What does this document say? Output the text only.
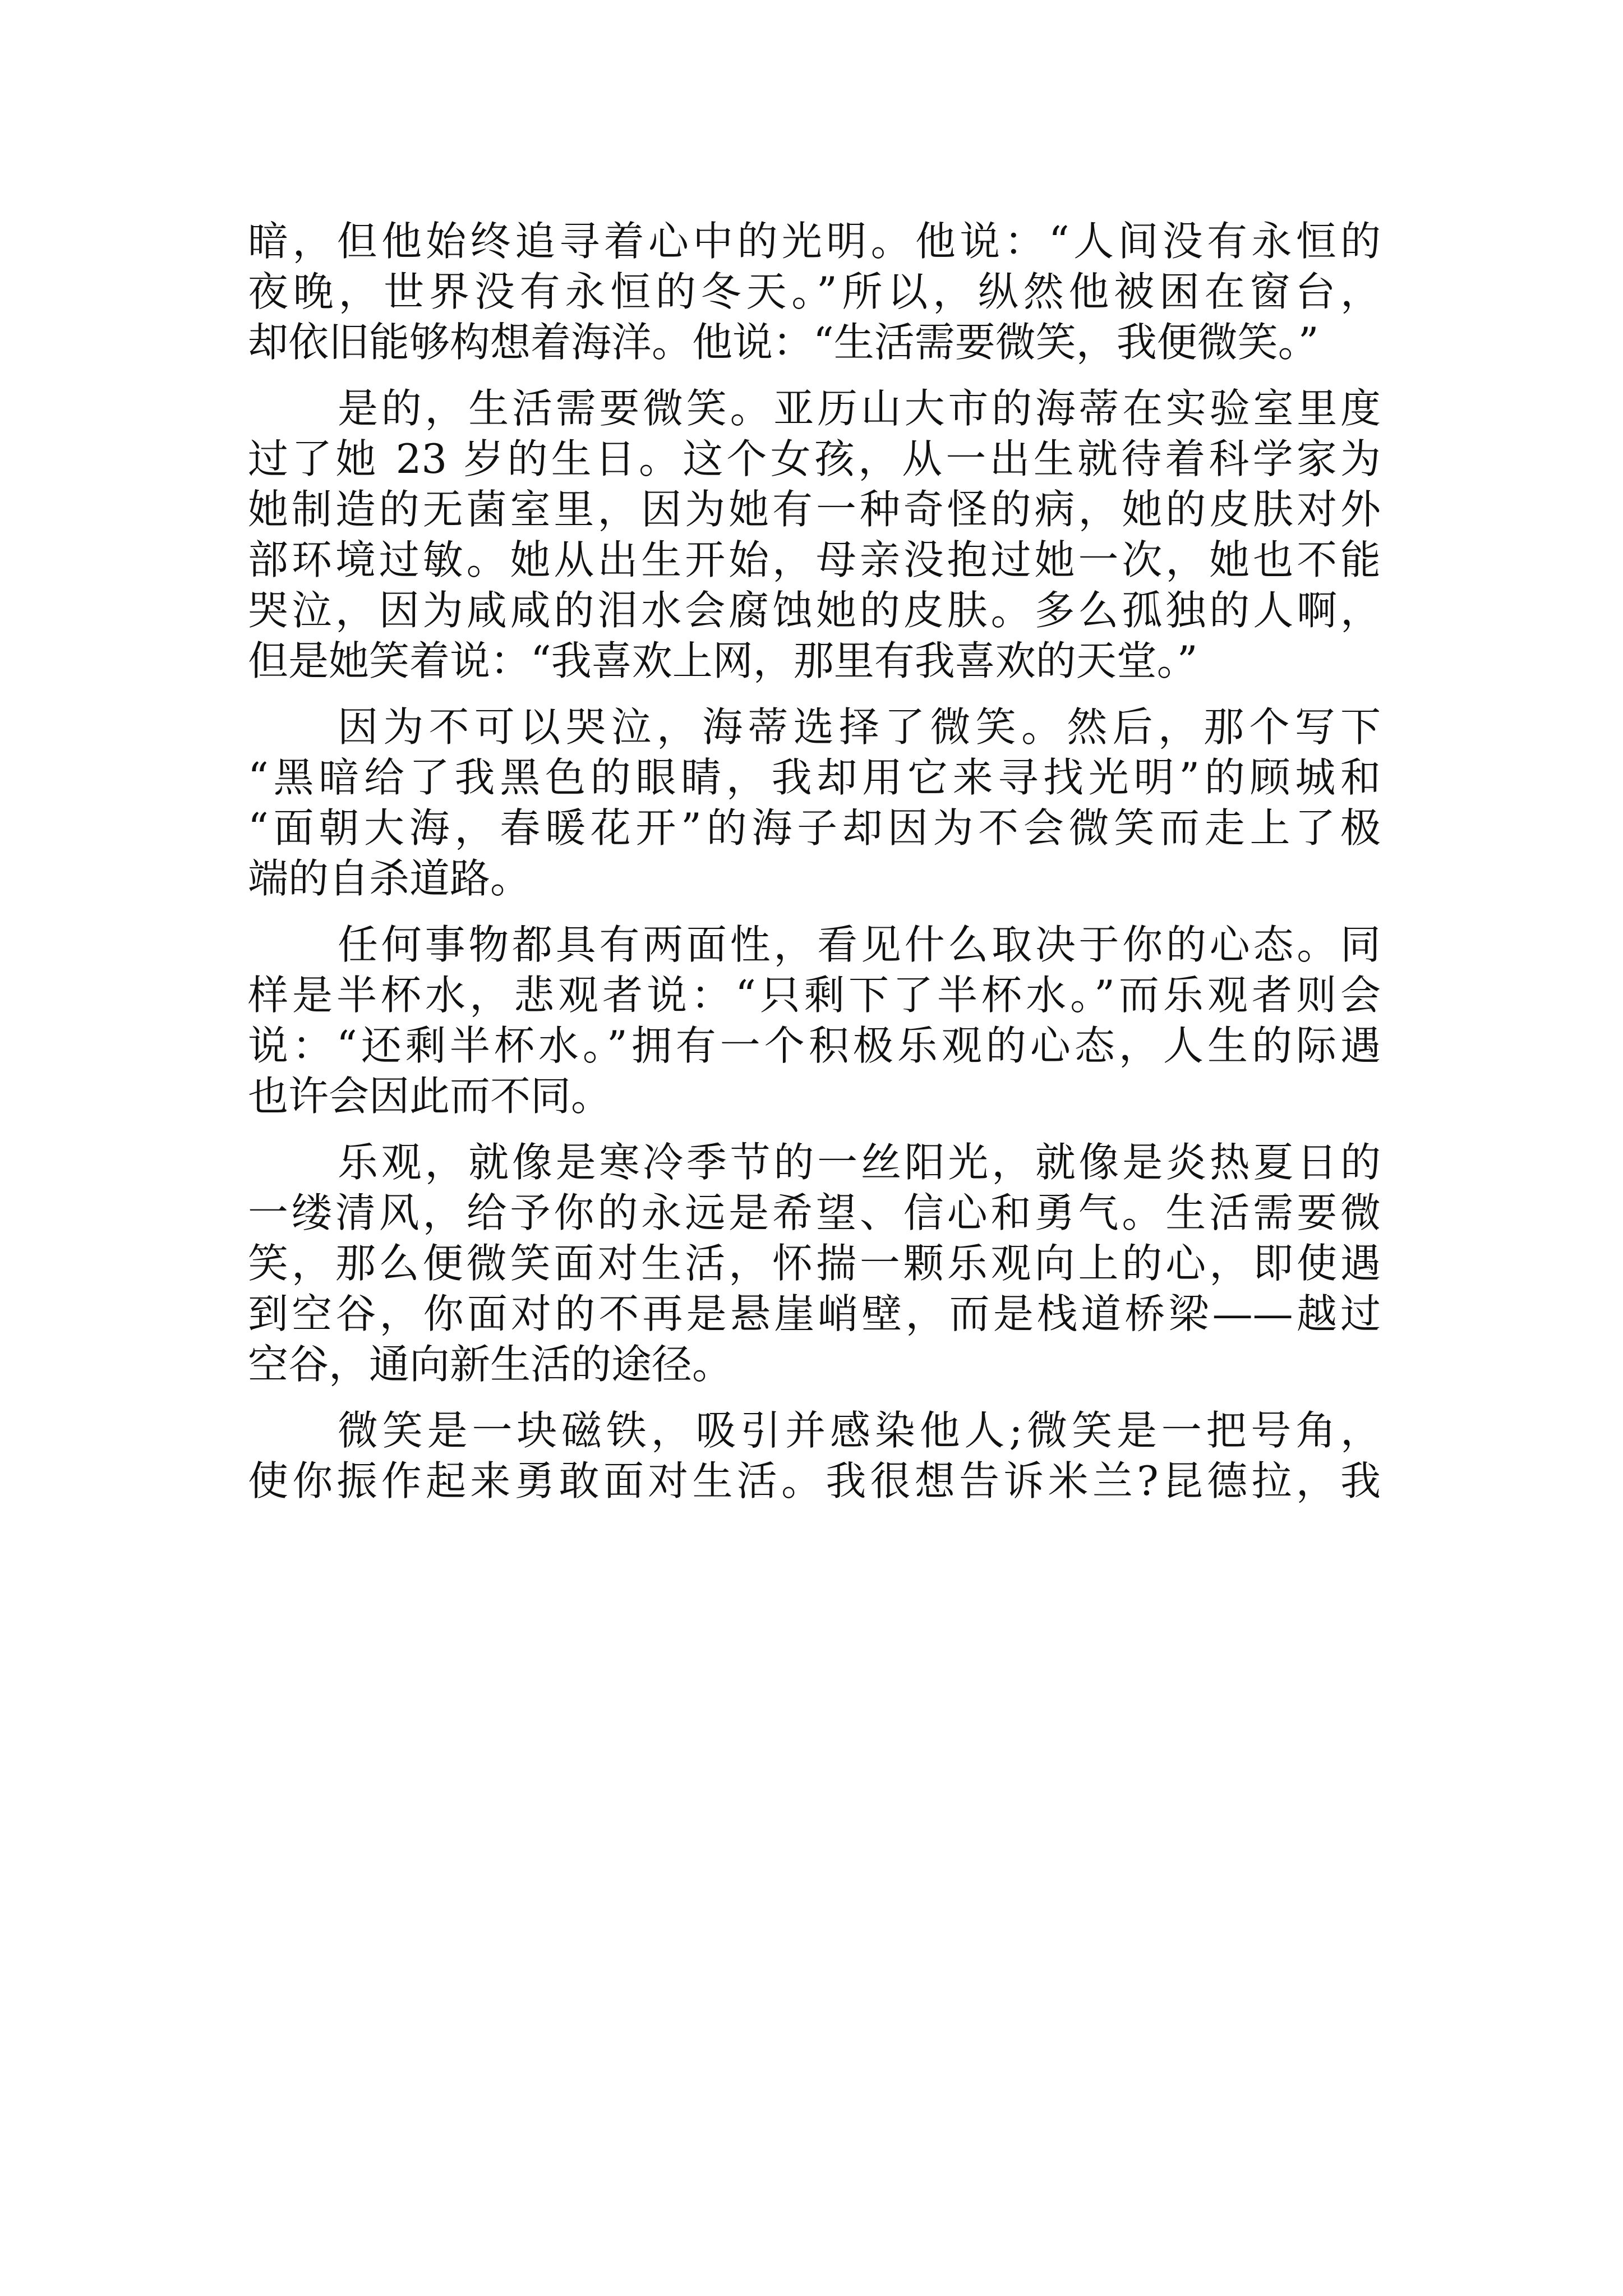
暗，但他始终追寻着心中的光明。他说：“人间没有永恒的
夜晚，世界没有永恒的冬天。”所以，纵然他被困在窗台，
却依旧能够构想着海洋。他说：“生活需要微笑，我便微笑。”
是的，生活需要微笑。亚历山大市的海蒂在实验室里度
过了她 23 岁的生日。这个女孩，从一出生就待着科学家为
她制造的无菌室里，因为她有一种奇怪的病，她的皮肤对外
部环境过敏。她从出生开始，母亲没抱过她一次，她也不能
哭泣，因为咸咸的泪水会腐蚀她的皮肤。多么孤独的人啊，
但是她笑着说：“我喜欢上网，那里有我喜欢的天堂。”
因为不可以哭泣，海蒂选择了微笑。然后，那个写下
“黑暗给了我黑色的眼睛，我却用它来寻找光明”的顾城和
“面朝大海，春暖花开”的海子却因为不会微笑而走上了极
端的自杀道路。
任何事物都具有两面性，看见什么取决于你的心态。同
样是半杯水，悲观者说：“只剩下了半杯水。”而乐观者则会
说：“还剩半杯水。”拥有一个积极乐观的心态，人生的际遇
也许会因此而不同。
乐观，就像是寒冷季节的一丝阳光，就像是炎热夏日的
一缕清风，给予你的永远是希望、信心和勇气。生活需要微
笑，那么便微笑面对生活，怀揣一颗乐观向上的心，即使遇
到空谷，你面对的不再是悬崖峭壁，而是栈道桥梁——越过
空谷，通向新生活的途径。
微笑是一块磁铁，吸引并感染他人;微笑是一把号角，
使你振作起来勇敢面对生活。我很想告诉米兰?昆德拉，我
